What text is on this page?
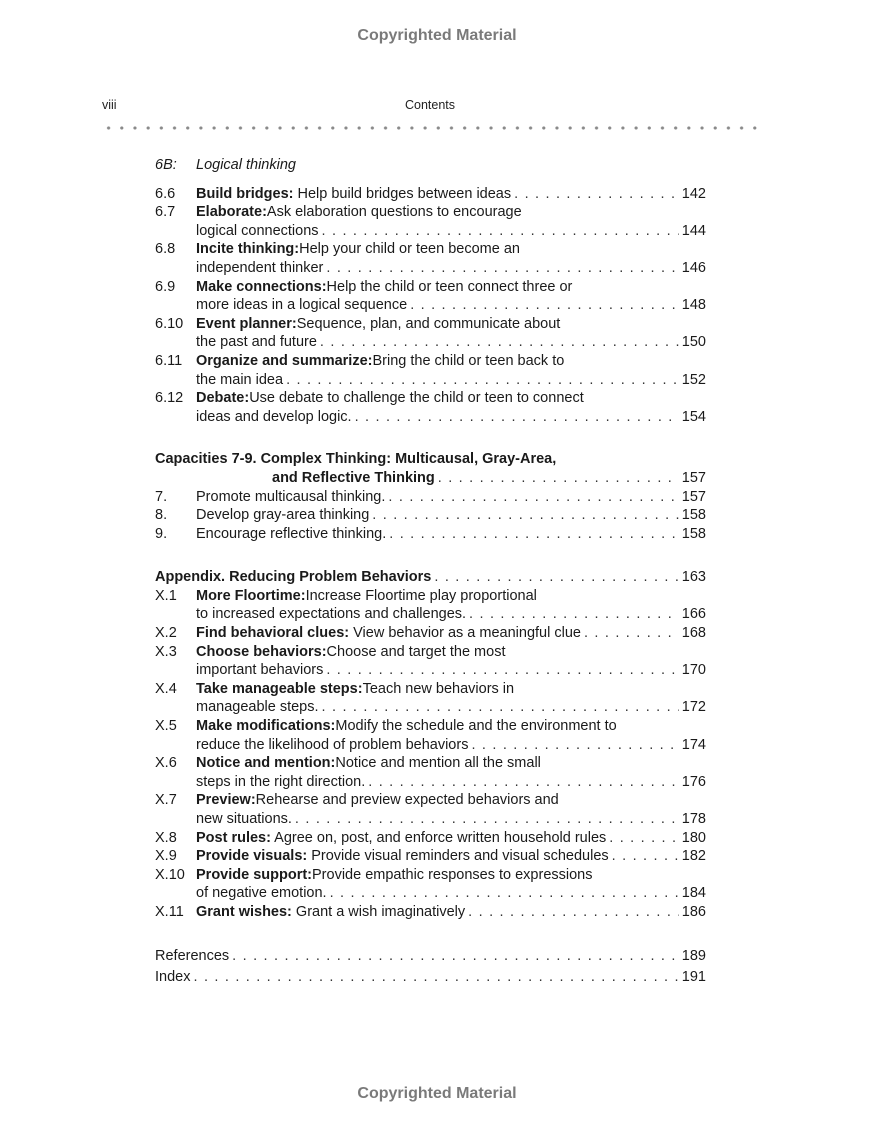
Copyrighted Material
viii	Contents
6B: Logical thinking
6.6 Build bridges: Help build bridges between ideas . . .	142
6.7 Elaborate: Ask elaboration questions to encourage
logical connections . . .	144
6.8 Incite thinking: Help your child or teen become an
independent thinker . . .	146
6.9 Make connections: Help the child or teen connect three or
more ideas in a logical sequence . . .	148
6.10 Event planner: Sequence, plan, and communicate about
the past and future . . .	150
6.11 Organize and summarize: Bring the child or teen back to
the main idea . . .	152
6.12 Debate: Use debate to challenge the child or teen to connect
ideas and develop logic. . . .	154
Capacities 7-9. Complex Thinking: Multicausal, Gray-Area,
and Reflective Thinking . . .	157
7. Promote multicausal thinking. . . .	157
8. Develop gray-area thinking . . .	158
9. Encourage reflective thinking. . . .	158
Appendix. Reducing Problem Behaviors . . .	163
X.1 More Floortime: Increase Floortime play proportional
to increased expectations and challenges. . . .	166
X.2 Find behavioral clues: View behavior as a meaningful clue . . .	168
X.3 Choose behaviors: Choose and target the most
important behaviors . . .	170
X.4 Take manageable steps: Teach new behaviors in
manageable steps. . . .	172
X.5 Make modifications: Modify the schedule and the environment to
reduce the likelihood of problem behaviors . . .	174
X.6 Notice and mention: Notice and mention all the small
steps in the right direction. . . .	176
X.7 Preview: Rehearse and preview expected behaviors and
new situations. . . .	178
X.8 Post rules: Agree on, post, and enforce written household rules . . .	180
X.9 Provide visuals: Provide visual reminders and visual schedules . . .	182
X.10 Provide support: Provide empathic responses to expressions
of negative emotion. . . .	184
X.11 Grant wishes: Grant a wish imaginatively . . .	186
References . . .	189
Index . . .	191
Copyrighted Material
